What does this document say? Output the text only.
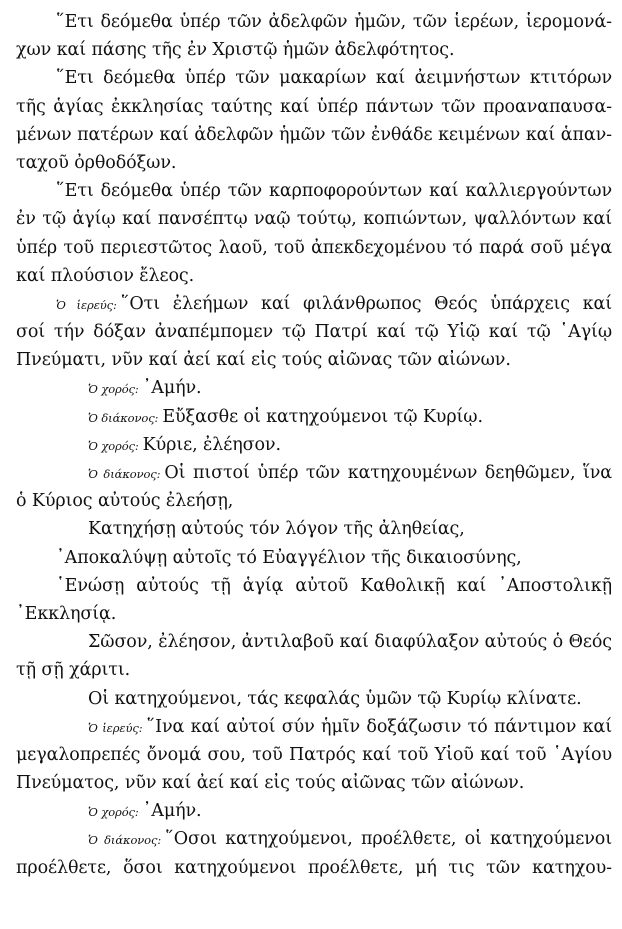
῞Ετι δεόμεθα ὑπέρ τῶν ἀδελφῶν ἡμῶν, τῶν ἱερέων, ἱερομονά-
χων καί πάσης τῆς ἐν Χριστῷ ἡμῶν ἀδελφότητος.
῞Ετι δεόμεθα ὑπέρ τῶν μακαρίων καί ἀειμνήστων κτιτόρων
τῆς ἁγίας ἐκκλησίας ταύτης καί ὑπέρ πάντων τῶν προαναπαυσα-
μένων πατέρων καί ἀδελφῶν ἡμῶν τῶν ἐνθάδε κειμένων καί ἁπαν-
ταχοῦ ὀρθοδόξων.
῞Ετι δεόμεθα ὑπέρ τῶν καρποφορούντων καί καλλιεργούντων
ἐν τῷ ἁγίῳ καί πανσέπτῳ ναῷ τούτῳ, κοπιώντων, ψαλλόντων καί
ὑπέρ τοῦ περιεστῶτος λαοῦ, τοῦ ἀπεκδεχομένου τό παρά σοῦ μέγα
καί πλούσιον ἔλεος.
Ὁ ἱερεύς: ῞Οτι ἐλεήμων καί φιλάνθρωπος Θεός ὑπάρχεις καί
σοί τήν δόξαν ἀναπέμπομεν τῷ Πατρί καί τῷ Υἱῷ καί τῷ ῾Αγίῳ
Πνεύματι, νῦν καί ἀεί καί εἰς τούς αἰῶνας τῶν αἰώνων.
Ὁ χορός: ᾿Αμήν.
Ὁ διάκονος: Εὔξασθε οἱ κατηχούμενοι τῷ Κυρίῳ.
Ὁ χορός: Κύριε, ἐλέησον.
Ὁ διάκονος: Οἱ πιστοί ὑπέρ τῶν κατηχουμένων δεηθῶμεν, ἵνα
ὁ Κύριος αὐτούς ἐλεήσῃ,
Κατηχήσῃ αὐτούς τόν λόγον τῆς ἀληθείας,
᾿Αποκαλύψῃ αὐτοῖς τό Εὐαγγέλιον τῆς δικαιοσύνης,
῾Ενώσῃ αὐτούς τῇ ἁγίᾳ αὐτοῦ Καθολικῇ καί ᾿Αποστολικῇ
᾿Εκκλησίᾳ.
Σῶσον, ἐλέησον, ἀντιλαβοῦ καί διαφύλαξον αὐτούς ὁ Θεός
τῇ σῇ χάριτι.
Οἱ κατηχούμενοι, τάς κεφαλάς ὑμῶν τῷ Κυρίῳ κλίνατε.
Ὁ ἱερεύς: ῞Ινα καί αὐτοί σύν ἡμῖν δοξάζωσιν τό πάντιμον καί
μεγαλοπρεπές ὄνομά σου, τοῦ Πατρός καί τοῦ Υἱοῦ καί τοῦ ῾Αγίου
Πνεύματος, νῦν καί ἀεί καί εἰς τούς αἰῶνας τῶν αἰώνων.
Ὁ χορός: ᾿Αμήν.
Ὁ διάκονος: ῞Οσοι κατηχούμενοι, προέλθετε, οἱ κατηχούμενοι
προέλθετε, ὅσοι κατηχούμενοι προέλθετε, μή τις τῶν κατηχου-
